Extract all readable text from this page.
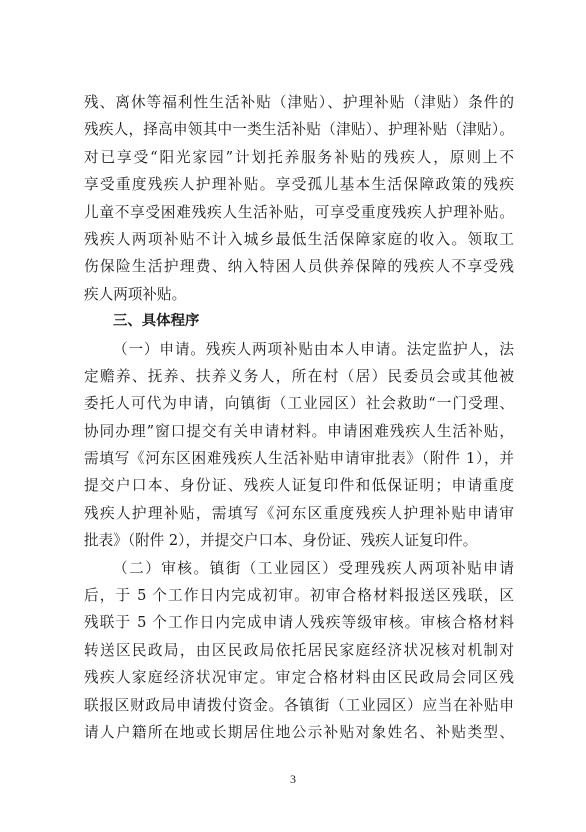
残、离休等福利性生活补贴（津贴）、护理补贴（津贴）条件的
残疾人，择高申领其中一类生活补贴（津贴）、护理补贴（津贴）。
对已享受“阳光家园”计划托养服务补贴的残疾人，原则上不
享受重度残疾人护理补贴。享受孤儿基本生活保障政策的残疾
儿童不享受困难残疾人生活补贴，可享受重度残疾人护理补贴。
残疾人两项补贴不计入城乡最低生活保障家庭的收入。领取工
伤保险生活护理费、纳入特困人员供养保障的残疾人不享受残
疾人两项补贴。
三、具体程序
（一）申请。残疾人两项补贴由本人申请。法定监护人，法
定赡养、抚养、扶养义务人，所在村（居）民委员会或其他被
委托人可代为申请，向镇街（工业园区）社会救助“一门受理、
协同办理”窗口提交有关申请材料。申请困难残疾人生活补贴，
需填写《河东区困难残疾人生活补贴申请审批表》（附件 1），并
提交户口本、身份证、残疾人证复印件和低保证明；申请重度
残疾人护理补贴，需填写《河东区重度残疾人护理补贴申请审
批表》（附件 2），并提交户口本、身份证、残疾人证复印件。
（二）审核。镇街（工业园区）受理残疾人两项补贴申请
后，于 5 个工作日内完成初审。初审合格材料报送区残联，区
残联于 5 个工作日内完成申请人残疾等级审核。审核合格材料
转送区民政局，由区民政局依托居民家庭经济状况核对机制对
残疾人家庭经济状况审定。审定合格材料由区民政局会同区残
联报区财政局申请拨付资金。各镇街（工业园区）应当在补贴申
请人户籍所在地或长期居住地公示补贴对象姓名、补贴类型、
3
